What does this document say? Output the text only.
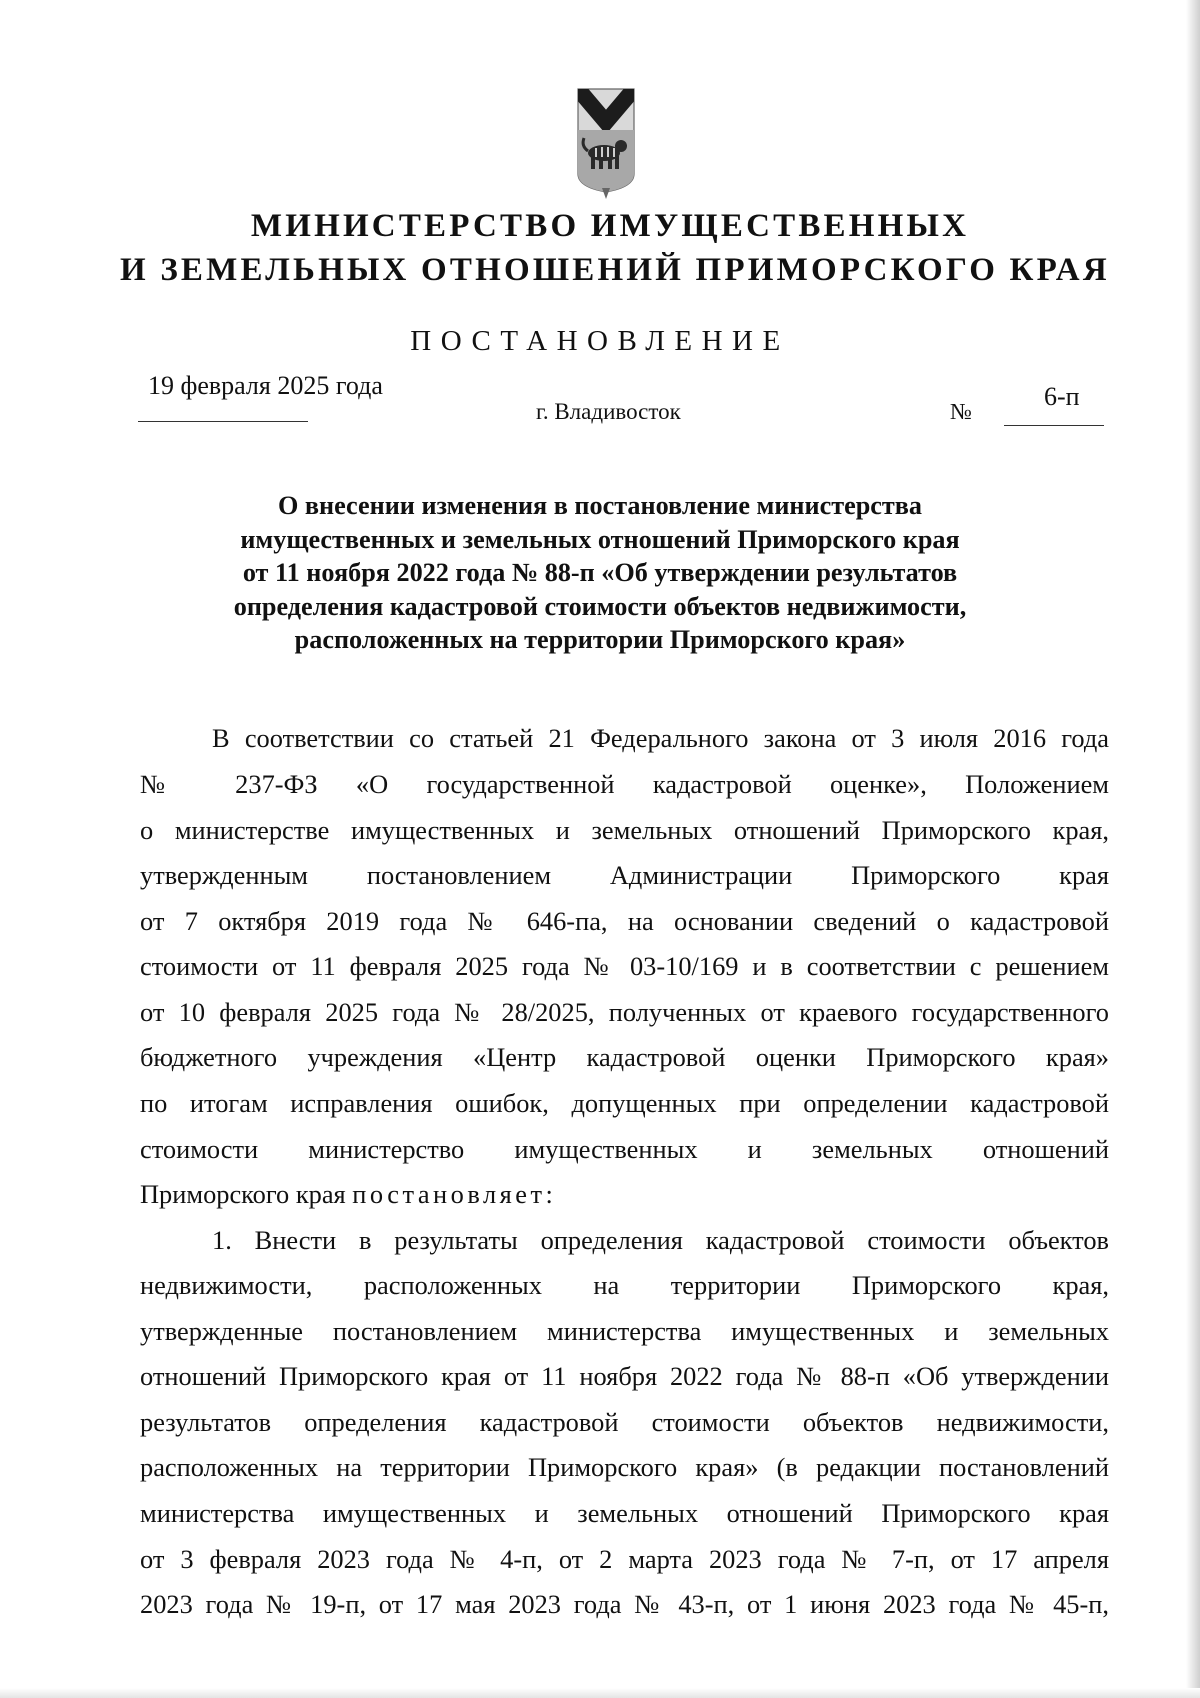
МИНИСТЕРСТВО ИМУЩЕСТВЕННЫХ
И ЗЕМЕЛЬНЫХ ОТНОШЕНИЙ ПРИМОРСКОГО КРАЯ
ПОСТАНОВЛЕНИЕ
19 февраля 2025 года
г. Владивосток	№
6-п
О внесении изменения в постановление министерства
имущественных и земельных отношений Приморского края
от 11 ноября 2022 года № 88-п «Об утверждении результатов
определения кадастровой стоимости объектов недвижимости,
расположенных на территории Приморского края»
В соответствии со статьей 21 Федерального закона от 3 июля 2016 года
№ 237-ФЗ «О государственной кадастровой оценке», Положением
о министерстве имущественных и земельных отношений Приморского края,
утвержденным постановлением Администрации Приморского края
от 7 октября 2019 года № 646-па, на основании сведений о кадастровой
стоимости от 11 февраля 2025 года № 03-10/169 и в соответствии с решением
от 10 февраля 2025 года № 28/2025, полученных от краевого государственного
бюджетного учреждения «Центр кадастровой оценки Приморского края»
по итогам исправления ошибок, допущенных при определении кадастровой
стоимости министерство имущественных и земельных отношений
Приморского края постановляет:
1. Внести в результаты определения кадастровой стоимости объектов
недвижимости, расположенных на территории Приморского края,
утвержденные постановлением министерства имущественных и земельных
отношений Приморского края от 11 ноября 2022 года № 88-п «Об утверждении
результатов определения кадастровой стоимости объектов недвижимости,
расположенных на территории Приморского края» (в редакции постановлений
министерства имущественных и земельных отношений Приморского края
от 3 февраля 2023 года № 4-п, от 2 марта 2023 года № 7-п, от 17 апреля
2023 года № 19-п, от 17 мая 2023 года № 43-п, от 1 июня 2023 года № 45-п,
